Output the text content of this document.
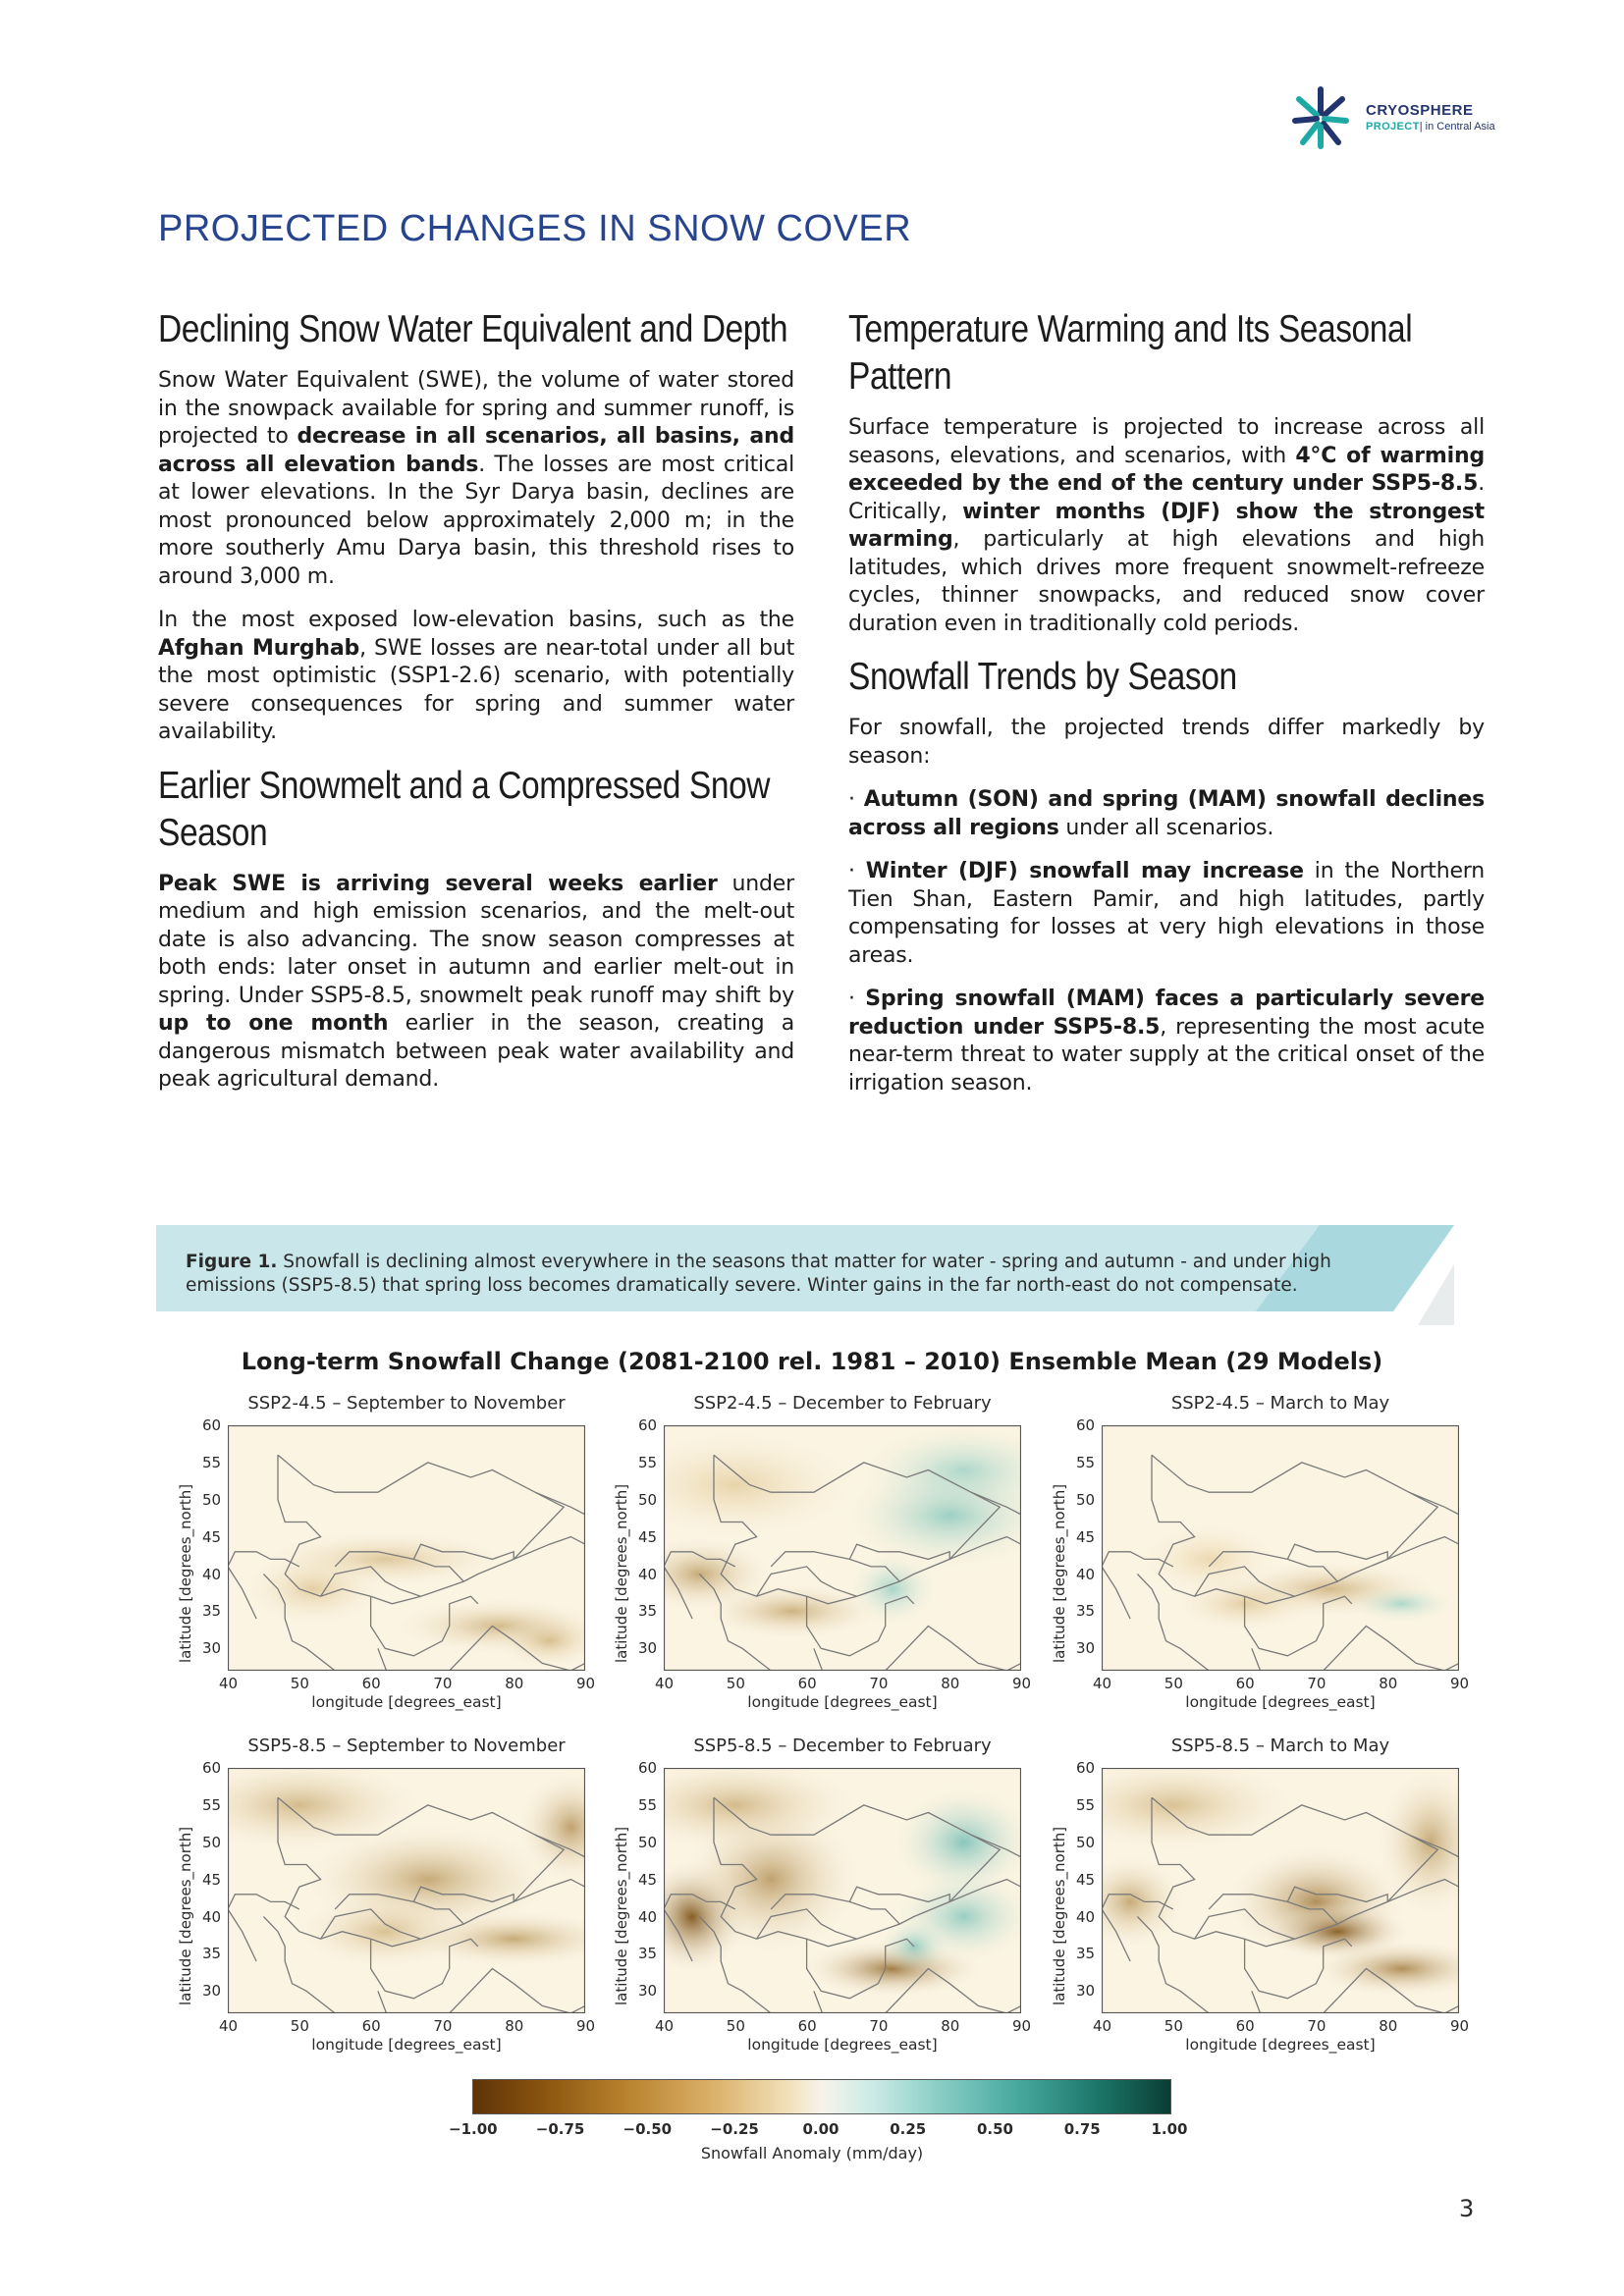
CRYOSPHERE
PROJECT| in Central Asia
PROJECTED CHANGES IN SNOW COVER
Declining Snow Water Equivalent and Depth

Snow Water Equivalent (SWE), the volume of water stored in the snowpack available for spring and summer runoff, is projected to decrease in all scenarios, all basins, and across all elevation bands. The losses are most critical at lower elevations. In the Syr Darya basin, declines are most pronounced below approximately 2,000 m; in the more southerly Amu Darya basin, this threshold rises to around 3,000 m.

In the most exposed low-elevation basins, such as the Afghan Murghab, SWE losses are near-total under all but the most optimistic (SSP1-2.6) scenario, with potentially severe consequences for spring and summer water availability.

Earlier Snowmelt and a Compressed Snow Season

Peak SWE is arriving several weeks earlier under medium and high emission scenarios, and the melt-out date is also advancing. The snow season compresses at both ends: later onset in autumn and earlier melt-out in spring. Under SSP5-8.5, snowmelt peak runoff may shift by up to one month earlier in the season, creating a dangerous mismatch between peak water availability and peak agricultural demand.

Temperature Warming and Its Seasonal Pattern

Surface temperature is projected to increase across all seasons, elevations, and scenarios, with 4°C of warming exceeded by the end of the century under SSP5-8.5. Critically, winter months (DJF) show the strongest warming, particularly at high elevations and high latitudes, which drives more frequent snowmelt-refreeze cycles, thinner snowpacks, and reduced snow cover duration even in traditionally cold periods.

Snowfall Trends by Season

For snowfall, the projected trends differ markedly by season:

· Autumn (SON) and spring (MAM) snowfall declines across all regions under all scenarios.

· Winter (DJF) snowfall may increase in the Northern Tien Shan, Eastern Pamir, and high latitudes, partly compensating for losses at very high elevations in those areas.

· Spring snowfall (MAM) faces a particularly severe reduction under SSP5-8.5, representing the most acute near-term threat to water supply at the critical onset of the irrigation season.

Figure 1. Snowfall is declining almost everywhere in the seasons that matter for water - spring and autumn - and under high emissions (SSP5-8.5) that spring loss becomes dramatically severe. Winter gains in the far north-east do not compensate.
Long-term Snowfall Change (2081-2100 rel. 1981 – 2010) Ensemble Mean (29 Models)
SSP2-4.5 – September to November
40	50	60	70	80	90
30
35
40
45
50
55
60
longitude [degrees_east]
latitude [degrees_north]
SSP2-4.5 – December to February
40	50	60	70	80	90
30
35
40
45
50
55
60
longitude [degrees_east]
latitude [degrees_north]
SSP2-4.5 – March to May
40	50	60	70	80	90
30
35
40
45
50
55
60
longitude [degrees_east]
latitude [degrees_north]
SSP5-8.5 – September to November
40	50	60	70	80	90
30
35
40
45
50
55
60
longitude [degrees_east]
latitude [degrees_north]
SSP5-8.5 – December to February
40	50	60	70	80	90
30
35
40
45
50
55
60
longitude [degrees_east]
latitude [degrees_north]
SSP5-8.5 – March to May
40	50	60	70	80	90
30
35
40
45
50
55
60
longitude [degrees_east]
latitude [degrees_north]
−1.00	−0.75	−0.50	−0.25	0.00	0.25	0.50	0.75	1.00
Snowfall Anomaly (mm/day)
3
